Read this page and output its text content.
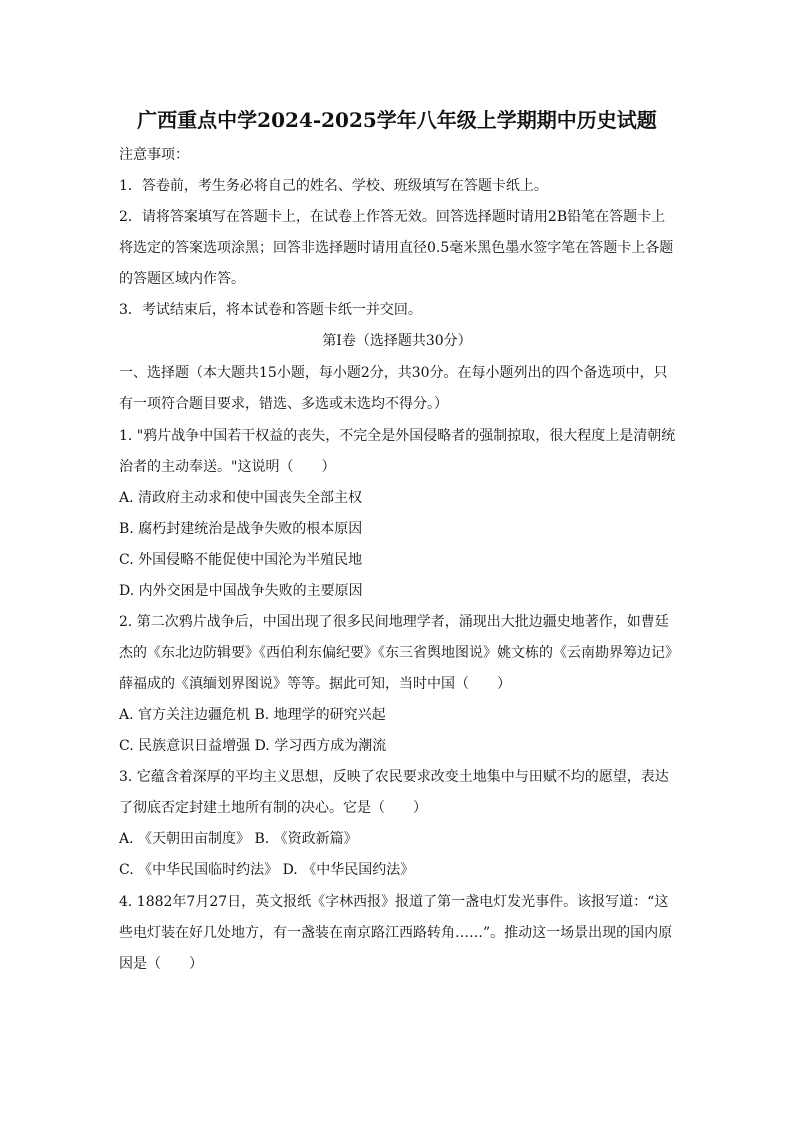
广西重点中学2024-2025学年八年级上学期期中历史试题

注意事项：

1．答卷前，考生务必将自己的姓名、学校、班级填写在答题卡纸上。

2．请将答案填写在答题卡上，在试卷上作答无效。回答选择题时请用2B铅笔在答题卡上

将选定的答案选项涂黑；回答非选择题时请用直径0.5毫米黑色墨水签字笔在答题卡上各题

的答题区域内作答。

3．考试结束后，将本试卷和答题卡纸一并交回。

第Ⅰ卷（选择题共30分）

一、选择题（本大题共15小题，每小题2分，共30分。在每小题列出的四个备选项中，只

有一项符合题目要求，错选、多选或未选均不得分。）

1. "鸦片战争中国若干权益的丧失，不完全是外国侵略者的强制掠取，很大程度上是清朝统

治者的主动奉送。"这说明（　　）

A. 清政府主动求和使中国丧失全部主权

B. 腐朽封建统治是战争失败的根本原因

C. 外国侵略不能促使中国沦为半殖民地

D. 内外交困是中国战争失败的主要原因

2. 第二次鸦片战争后，中国出现了很多民间地理学者，涌现出大批边疆史地著作，如曹廷

杰的《东北边防辑要》《西伯利东偏纪要》《东三省舆地图说》姚文栋的《云南勘界筹边记》

薛福成的《滇缅划界图说》等等。据此可知，当时中国（　　）

A. 官方关注边疆危机 B. 地理学的研究兴起

C. 民族意识日益增强 D. 学习西方成为潮流

3. 它蕴含着深厚的平均主义思想，反映了农民要求改变土地集中与田赋不均的愿望，表达

了彻底否定封建土地所有制的决心。它是（　　）

A. 《天朝田亩制度》 B. 《资政新篇》

C. 《中华民国临时约法》 D. 《中华民国约法》

4. 1882年7月27日，英文报纸《字林西报》报道了第一盏电灯发光事件。该报写道：“这

些电灯装在好几处地方，有一盏装在南京路江西路转角……”。推动这一场景出现的国内原

因是（　　）
